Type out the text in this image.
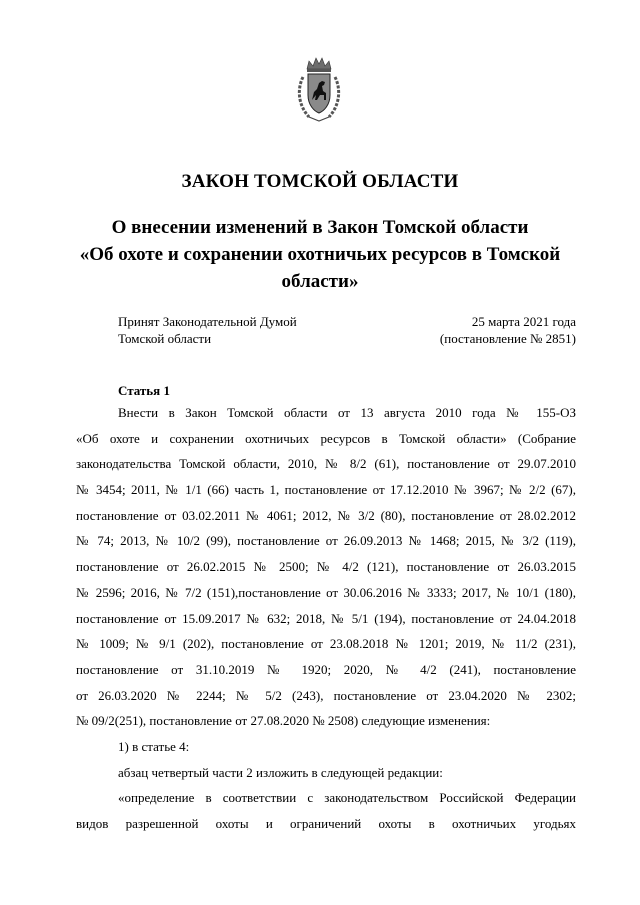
ЗАКОН ТОМСКОЙ ОБЛАСТИ
О внесении изменений в Закон Томской области
«Об охоте и сохранении охотничьих ресурсов в Томской
области»
Принят Законодательной Думой
Томской области
25 марта 2021 года
(постановление № 2851)
Статья 1
Внести в Закон Томской области от 13 августа 2010 года № 155-ОЗ
«Об охоте и сохранении охотничьих ресурсов в Томской области» (Собрание
законодательства Томской области, 2010, № 8/2 (61), постановление от 29.07.2010
№ 3454; 2011, № 1/1 (66) часть 1, постановление от 17.12.2010 № 3967; № 2/2 (67),
постановление от 03.02.2011 № 4061; 2012, № 3/2 (80), постановление от 28.02.2012
№ 74; 2013, № 10/2 (99), постановление от 26.09.2013 № 1468; 2015, № 3/2 (119),
постановление от 26.02.2015 № 2500; № 4/2 (121), постановление от 26.03.2015
№ 2596; 2016, № 7/2 (151),постановление от 30.06.2016 № 3333; 2017, № 10/1 (180),
постановление от 15.09.2017 № 632; 2018, № 5/1 (194), постановление от 24.04.2018
№ 1009; № 9/1 (202), постановление от 23.08.2018 № 1201; 2019, № 11/2 (231),
постановление от 31.10.2019 № 1920; 2020, № 4/2 (241), постановление
от 26.03.2020 № 2244; № 5/2 (243), постановление от 23.04.2020 № 2302;
№ 09/2(251), постановление от 27.08.2020 № 2508) следующие изменения:
1) в статье 4:
абзац четвертый части 2 изложить в следующей редакции:
«определение в соответствии с законодательством Российской Федерации
видов разрешенной охоты и ограничений охоты в охотничьих угодьях
